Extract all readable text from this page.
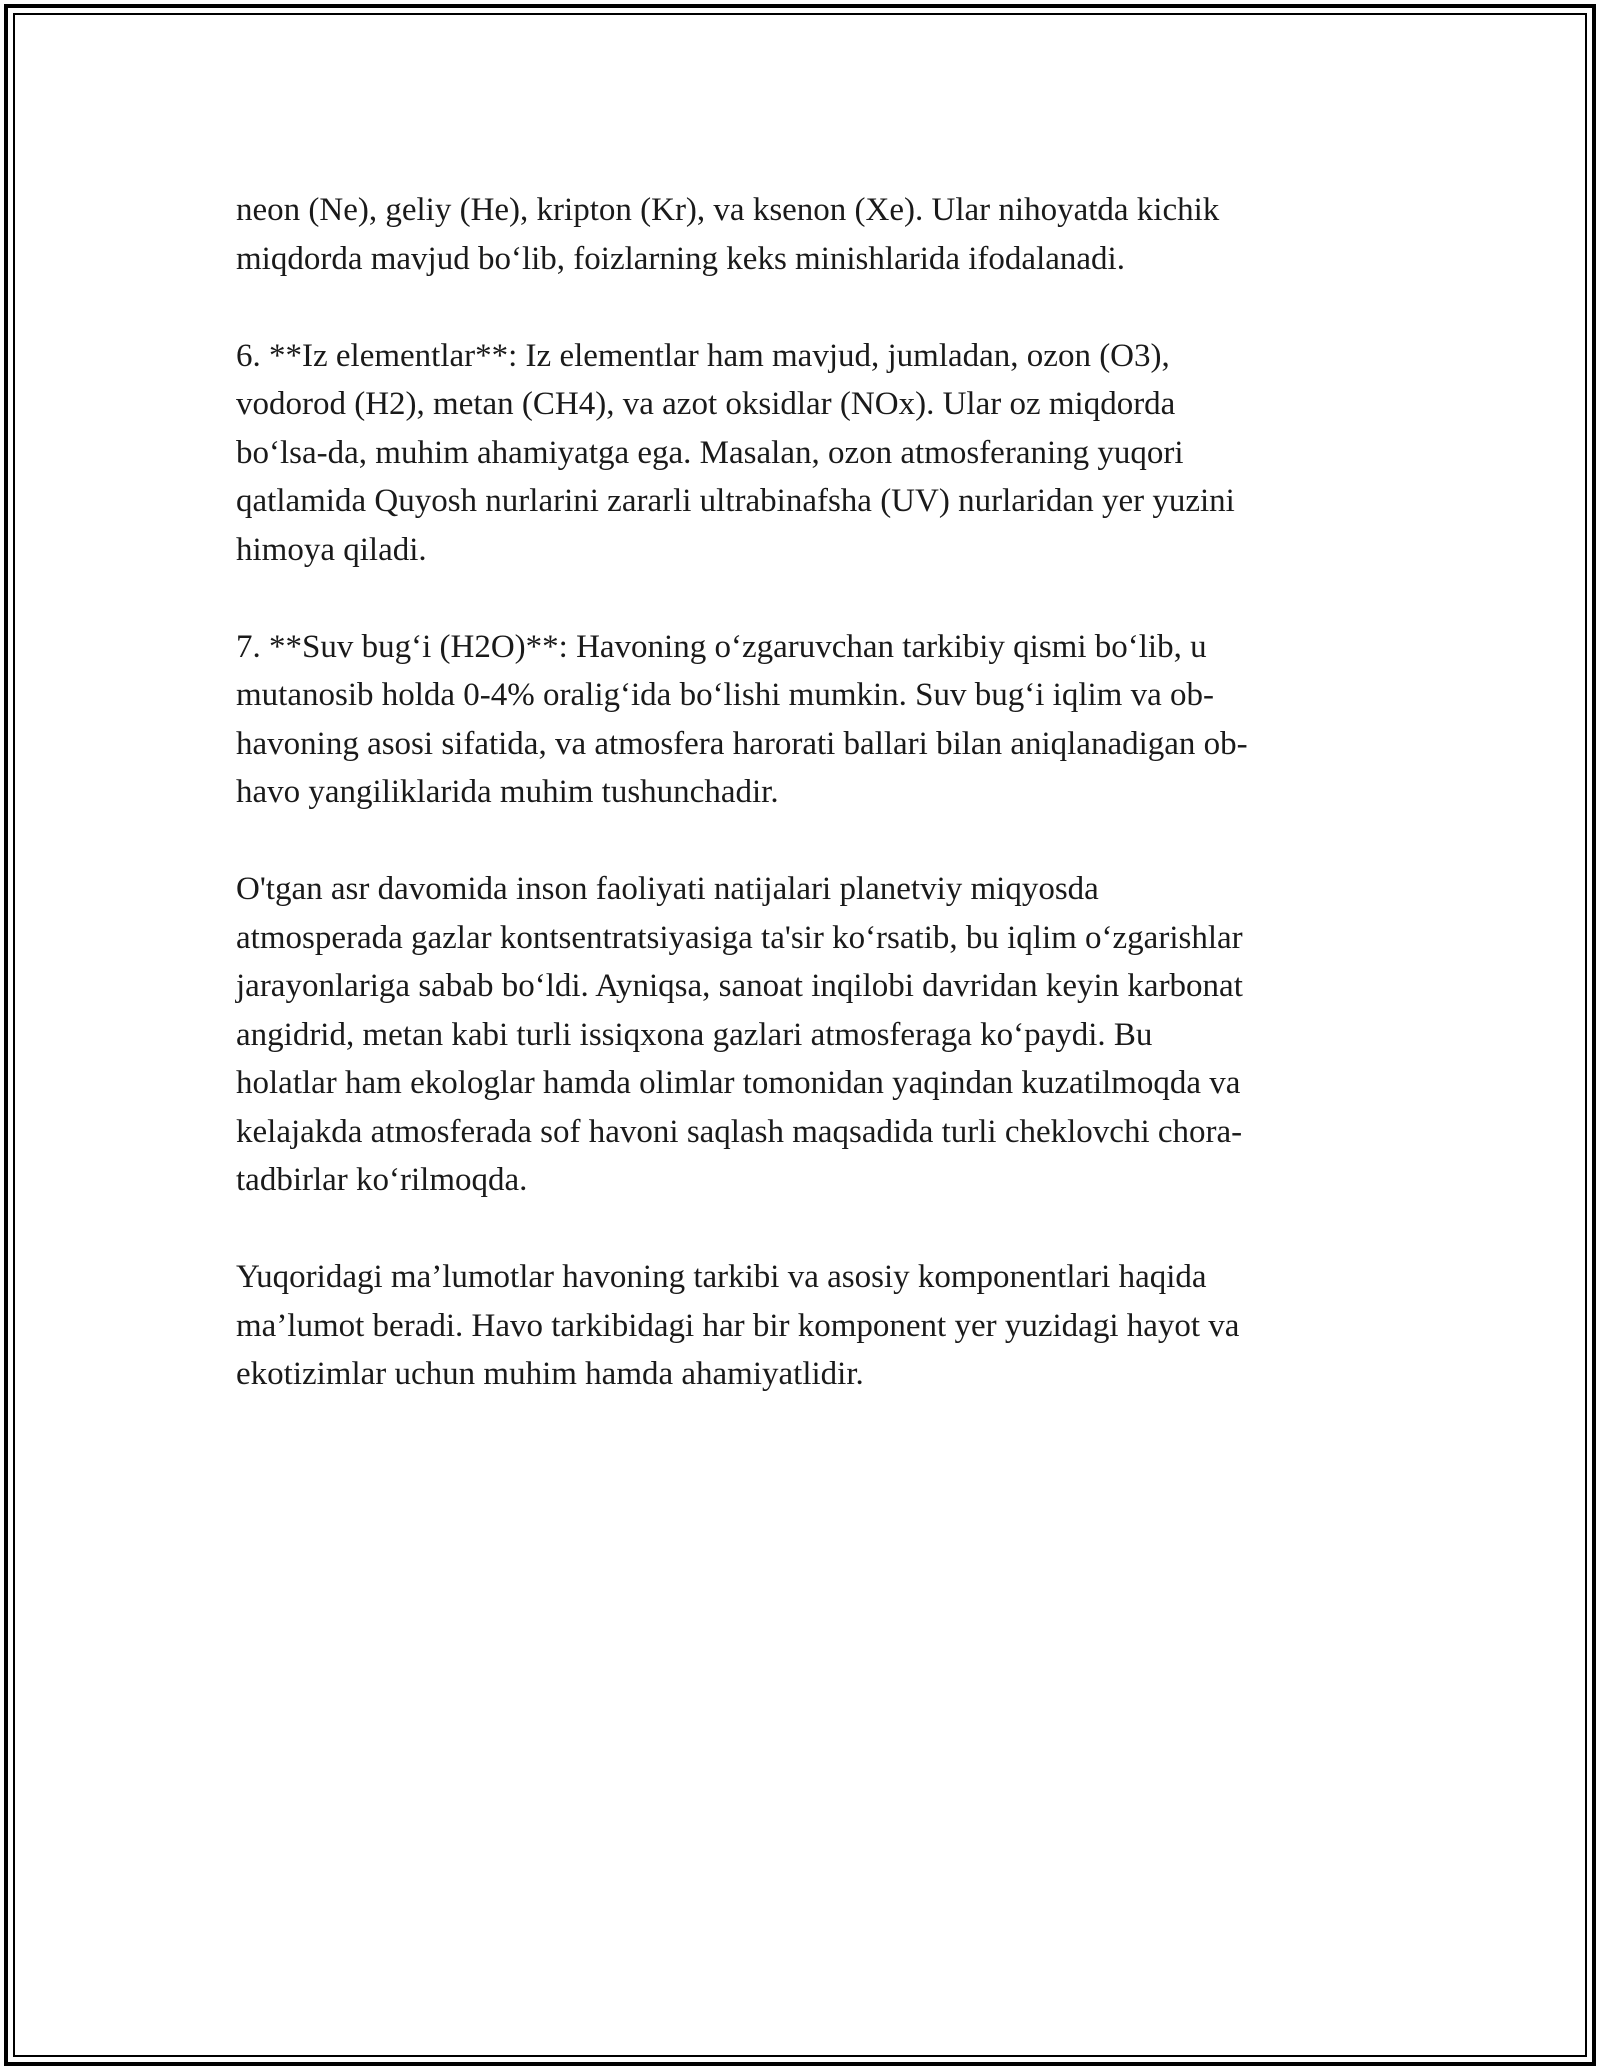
neon (Ne), geliy (He), kripton (Kr), va ksenon (Xe). Ular nihoyatda kichik
miqdorda mavjud bo‘lib, foizlarning keks minishlarida ifodalanadi.

6. **Iz elementlar**: Iz elementlar ham mavjud, jumladan, ozon (O3),
vodorod (H2), metan (CH4), va azot oksidlar (NOx). Ular oz miqdorda
bo‘lsa-da, muhim ahamiyatga ega. Masalan, ozon atmosferaning yuqori
qatlamida Quyosh nurlarini zararli ultrabinafsha (UV) nurlaridan yer yuzini
himoya qiladi.

7. **Suv bug‘i (H2O)**: Havoning o‘zgaruvchan tarkibiy qismi bo‘lib, u
mutanosib holda 0-4% oralig‘ida bo‘lishi mumkin. Suv bug‘i iqlim va ob-
havoning asosi sifatida, va atmosfera harorati ballari bilan aniqlanadigan ob-
havo yangiliklarida muhim tushunchadir.

O'tgan asr davomida inson faoliyati natijalari planetviy miqyosda
atmosperada gazlar kontsentratsiyasiga ta'sir ko‘rsatib, bu iqlim o‘zgarishlar
jarayonlariga sabab bo‘ldi. Ayniqsa, sanoat inqilobi davridan keyin karbonat
angidrid, metan kabi turli issiqxona gazlari atmosferaga ko‘paydi. Bu
holatlar ham ekologlar hamda olimlar tomonidan yaqindan kuzatilmoqda va
kelajakda atmosferada sof havoni saqlash maqsadida turli cheklovchi chora-
tadbirlar ko‘rilmoqda.

Yuqoridagi ma’lumotlar havoning tarkibi va asosiy komponentlari haqida
ma’lumot beradi. Havo tarkibidagi har bir komponent yer yuzidagi hayot va
ekotizimlar uchun muhim hamda ahamiyatlidir.
